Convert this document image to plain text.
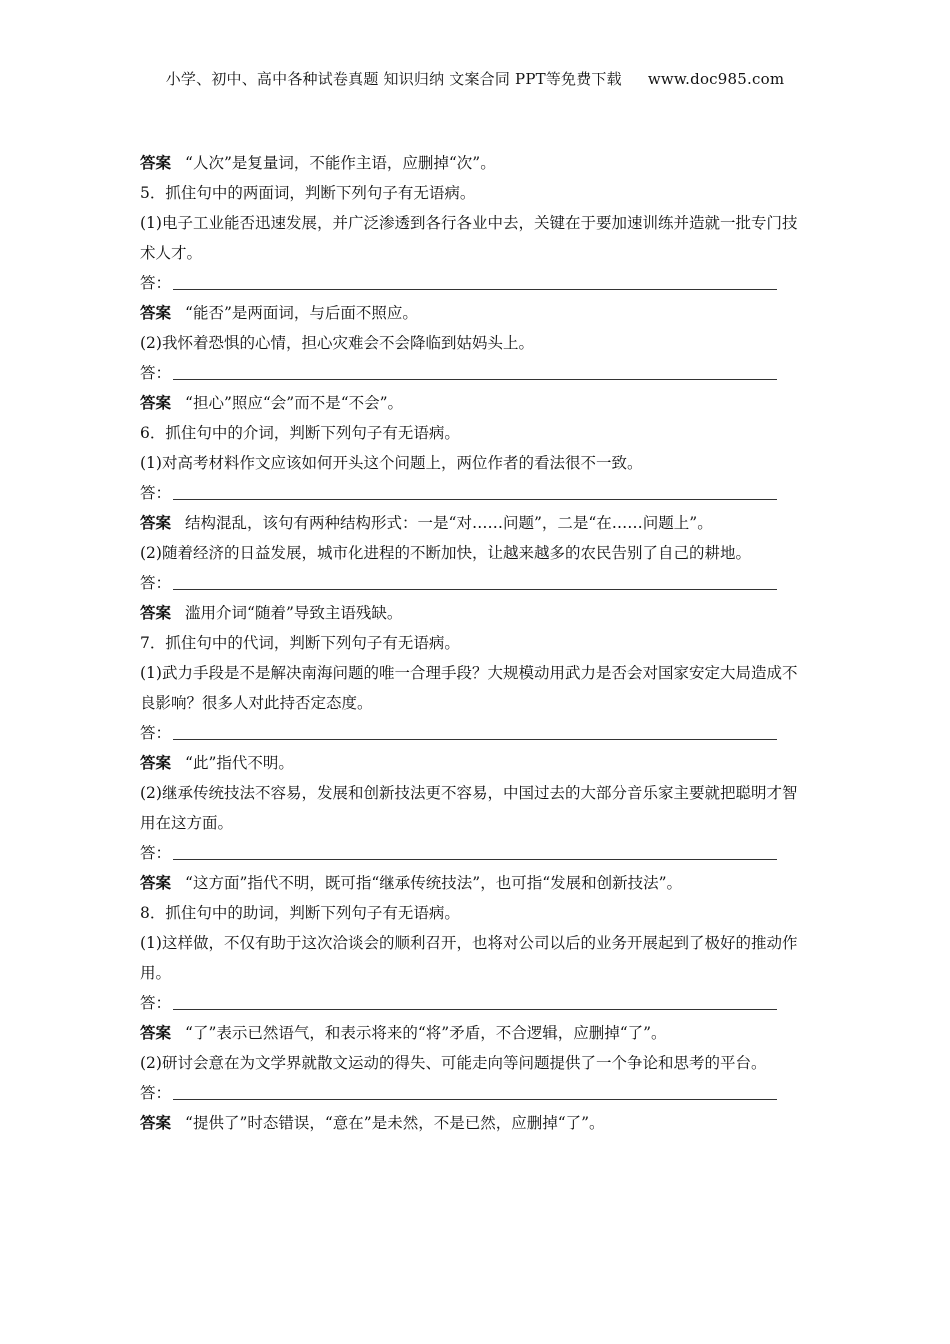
小学、初中、高中各种试卷真题 知识归纳 文案合同 PPT等免费下载 www.doc985.com
答案 “人次”是复量词，不能作主语，应删掉“次”。
5．抓住句中的两面词，判断下列句子有无语病。
(1)电子工业能否迅速发展，并广泛渗透到各行各业中去，关键在于要加速训练并造就一批专门技术人才。
答：
答案 “能否”是两面词，与后面不照应。
(2)我怀着恐惧的心情，担心灾难会不会降临到姑妈头上。
答：
答案 “担心”照应“会”而不是“不会”。
6．抓住句中的介词，判断下列句子有无语病。
(1)对高考材料作文应该如何开头这个问题上，两位作者的看法很不一致。
答：
答案 结构混乱，该句有两种结构形式：一是“对……问题”，二是“在……问题上”。
(2)随着经济的日益发展，城市化进程的不断加快，让越来越多的农民告别了自己的耕地。
答：
答案 滥用介词“随着”导致主语残缺。
7．抓住句中的代词，判断下列句子有无语病。
(1)武力手段是不是解决南海问题的唯一合理手段？大规模动用武力是否会对国家安定大局造成不良影响？很多人对此持否定态度。
答：
答案 “此”指代不明。
(2)继承传统技法不容易，发展和创新技法更不容易，中国过去的大部分音乐家主要就把聪明才智用在这方面。
答：
答案 “这方面”指代不明，既可指“继承传统技法”，也可指“发展和创新技法”。
8．抓住句中的助词，判断下列句子有无语病。
(1)这样做，不仅有助于这次洽谈会的顺利召开，也将对公司以后的业务开展起到了极好的推动作用。
答：
答案 “了”表示已然语气，和表示将来的“将”矛盾，不合逻辑，应删掉“了”。
(2)研讨会意在为文学界就散文运动的得失、可能走向等问题提供了一个争论和思考的平台。
答：
答案 “提供了”时态错误，“意在”是未然，不是已然，应删掉“了”。
